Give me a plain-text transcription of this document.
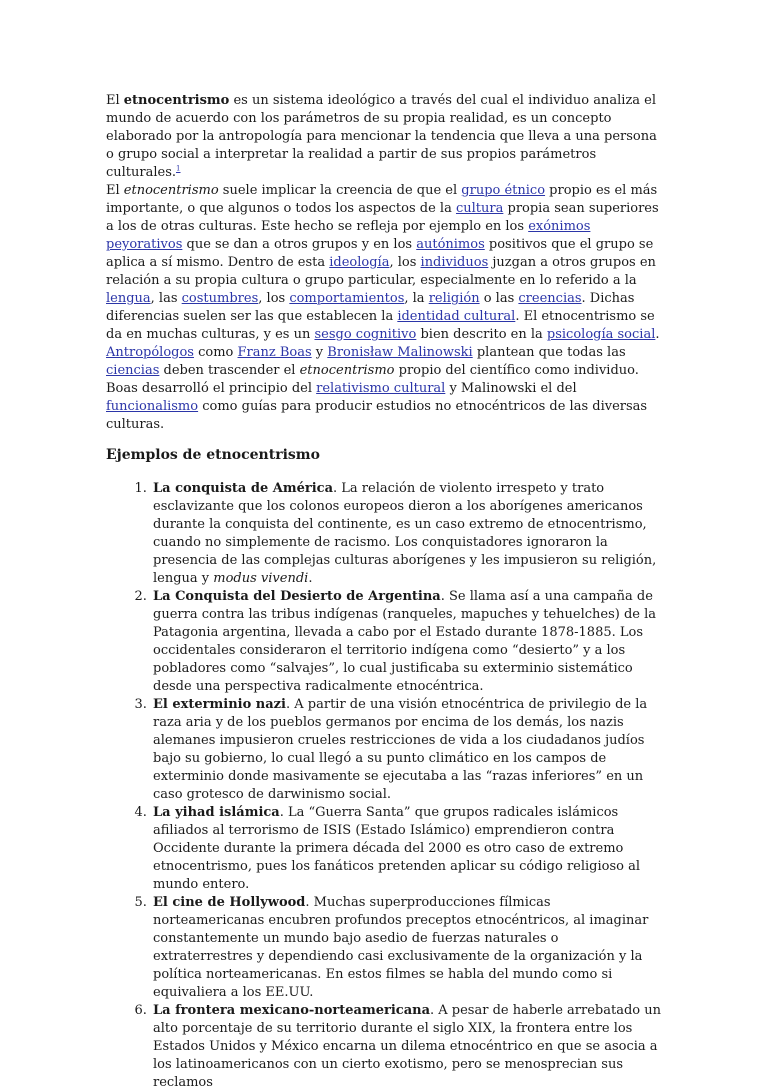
El etnocentrismo es un sistema ideológico a través del cual el individuo analiza el mundo de acuerdo con los parámetros de su propia realidad, es un concepto elaborado por la antropología para mencionar la tendencia que lleva a una persona o grupo social a interpretar la realidad a partir de sus propios parámetros culturales.$^1$

El etnocentrismo suele implicar la creencia de que el grupo étnico propio es el más importante, o que algunos o todos los aspectos de la cultura propia sean superiores a los de otras culturas. Este hecho se refleja por ejemplo en los exónimos peyorativos que se dan a otros grupos y en los autónimos positivos que el grupo se aplica a sí mismo. Dentro de esta ideología, los individuos juzgan a otros grupos en relación a su propia cultura o grupo particular, especialmente en lo referido a la lengua, las costumbres, los comportamientos, la religión o las creencias. Dichas diferencias suelen ser las que establecen la identidad cultural. El etnocentrismo se da en muchas culturas, y es un sesgo cognitivo bien descrito en la psicología social. Antropólogos como Franz Boas y Bronisław Malinowski plantean que todas las ciencias deben trascender el etnocentrismo propio del científico como individuo. Boas desarrolló el principio del relativismo cultural y Malinowski el del funcionalismo como guías para producir estudios no etnocéntricos de las diversas culturas.

Ejemplos de etnocentrismo
1. La conquista de América. La relación de violento irrespeto y trato esclavizante que los colonos europeos dieron a los aborígenes americanos durante la conquista del continente, es un caso extremo de etnocentrismo, cuando no simplemente de racismo. Los conquistadores ignoraron la presencia de las complejas culturas aborígenes y les impusieron su religión, lengua y modus vivendi.
2. La Conquista del Desierto de Argentina. Se llama así a una campaña de guerra contra las tribus indígenas (ranqueles, mapuches y tehuelches) de la Patagonia argentina, llevada a cabo por el Estado durante 1878-1885. Los occidentales consideraron el territorio indígena como “desierto” y a los pobladores como “salvajes”, lo cual justificaba su exterminio sistemático desde una perspectiva radicalmente etnocéntrica.
3. El exterminio nazi. A partir de una visión etnocéntrica de privilegio de la raza aria y de los pueblos germanos por encima de los demás, los nazis alemanes impusieron crueles restricciones de vida a los ciudadanos judíos bajo su gobierno, lo cual llegó a su punto climático en los campos de exterminio donde masivamente se ejecutaba a las “razas inferiores” en un caso grotesco de darwinismo social.
4. La yihad islámica. La “Guerra Santa” que grupos radicales islámicos afiliados al terrorismo de ISIS (Estado Islámico) emprendieron contra Occidente durante la primera década del 2000 es otro caso de extremo etnocentrismo, pues los fanáticos pretenden aplicar su código religioso al mundo entero.
5. El cine de Hollywood. Muchas superproducciones fílmicas norteamericanas encubren profundos preceptos etnocéntricos, al imaginar constantemente un mundo bajo asedio de fuerzas naturales o extraterrestres y dependiendo casi exclusivamente de la organización y la política norteamericanas. En estos filmes se habla del mundo como si equivaliera a los EE.UU.
6. La frontera mexicano-norteamericana. A pesar de haberle arrebatado un alto porcentaje de su territorio durante el siglo XIX, la frontera entre los Estados Unidos y México encarna un dilema etnocéntrico en que se asocia a los latinoamericanos con un cierto exotismo, pero se menosprecian sus reclamos
